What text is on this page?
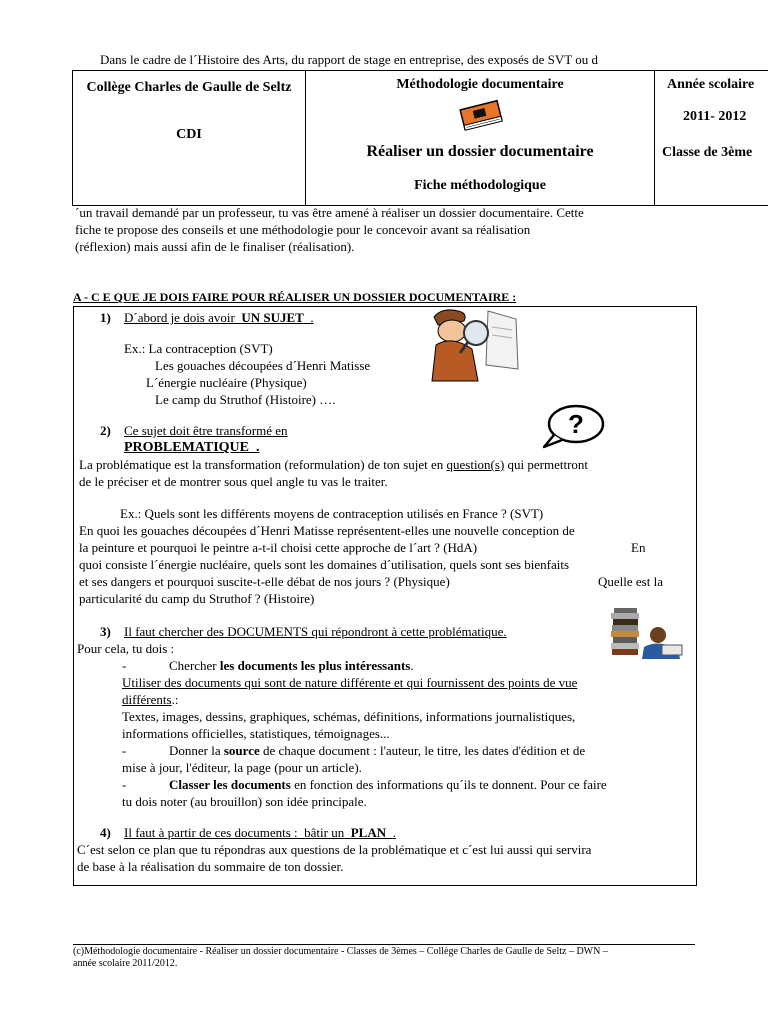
Dans le cadre de l´Histoire des Arts, du rapport de stage en entreprise, des exposés de SVT ou d
Collège Charles de Gaulle de Seltz
CDI
Méthodologie documentaire
Réaliser un dossier documentaire
Fiche méthodologique
Année scolaire
2011- 2012
Classe de 3ème
´un travail demandé par un professeur, tu vas être amené à réaliser un dossier documentaire. Cette
fiche te propose des conseils et une méthodologie pour le concevoir avant sa réalisation
(réflexion) mais aussi afin de le finaliser (réalisation).
A - C E QUE JE DOIS FAIRE POUR RÉALISER UN DOSSIER DOCUMENTAIRE :
1) D´abord je dois avoir UN SUJET .
Ex.: La contraception (SVT)
Les gouaches découpées d´Henri Matisse
L´énergie nucléaire (Physique)
Le camp du Struthof (Histoire) ….
2) Ce sujet doit être transformé en
PROBLEMATIQUE .
?
La problématique est la transformation (reformulation) de ton sujet en question(s) qui permettront
de le préciser et de montrer sous quel angle tu vas le traiter.
Ex.: Quels sont les différents moyens de contraception utilisés en France ? (SVT)
En quoi les gouaches découpées d´Henri Matisse représentent-elles une nouvelle conception de
la peinture et pourquoi le peintre a-t-il choisi cette approche de l´art ? (HdA)	En
quoi consiste l´énergie nucléaire, quels sont les domaines d´utilisation, quels sont ses bienfaits
et ses dangers et pourquoi suscite-t-elle débat de nos jours ? (Physique)	Quelle est la
particularité du camp du Struthof ? (Histoire)
3) Il faut chercher des DOCUMENTS qui répondront à cette problématique.
Pour cela, tu dois :
-	Chercher les documents les plus intéressants.
Utiliser des documents qui sont de nature différente et qui fournissent des points de vue
différents.:
Textes, images, dessins, graphiques, schémas, définitions, informations journalistiques,
informations officielles, statistiques, témoignages...
-	Donner la source de chaque document : l'auteur, le titre, les dates d'édition et de
mise à jour, l'éditeur, la page (pour un article).
-	Classer les documents en fonction des informations qu´ils te donnent. Pour ce faire
tu dois noter (au brouillon) son idée principale.
4) Il faut à partir de ces documents : bâtir un PLAN .
C´est selon ce plan que tu répondras aux questions de la problématique et c´est lui aussi qui servira
de base à la réalisation du sommaire de ton dossier.
(c)Méthodologie documentaire - Réaliser un dossier documentaire - Classes de 3èmes – Collège Charles de Gaulle de Seltz – DWN –
année scolaire 2011/2012.
